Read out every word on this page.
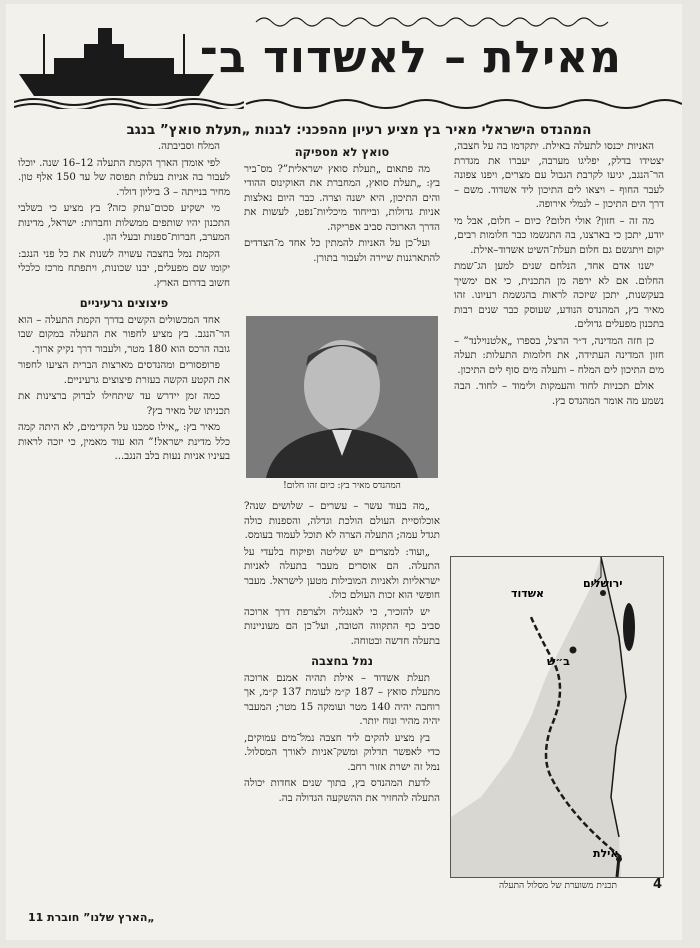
מאילת – לאשדוד ב־
המהנדס הישראלי מאיר בץ מציע רעיון מהפכני: לבנות „תעלת סואץ” בנגב

האניות יכנסו לתעלה באילת. יתקדמו בה על חצבה, יצטידו בדלק, יפליגו מערבה, יעברו את מגדרת הר־הנגב, יגיעו לקרבת הגבול עם מצרים, ויפנו צפונה לעבר החוף – ויצאו לים התיכון ליד אשדוד. משם – דרך הים התיכון – לנמלי אירופה.

מה זה – חזון? אולי חלום? כיום – חלום, אבל מי יודע, יתכן כי בארצנו, בה התגשמו כבר חלומות רבים, יקום ויתגשם גם חלום תעלת־השיט אשדוד–אילת.

ישנו אדם אחד, הנלחם שנים למען הג־שמת החלום. אם לא ירפה מן התכנית, כי אם ימשיך בעקשנות, יתכן שיזכה לראות בהגשמת רעיונו. זהו מאיר בץ, המהנדס הנודע, שעוסק כבר שנים רבות בתכנון מפעלים גדולים.

כן חזה המדינה, ד״ר הרצל, בספרו „אלטנוילנד” – חזון המדינה העתידה, את חלומות התעלות: תעלה מים התיכון לים המלח – ותעלה מים סוף לים התיכון.

אולם תכניות לחוד והעמקות ולימוד – לחוד. הבה נשמע מה אומר המהנדס בץ.

סואץ לא מספיקה

מה פתאום „תעלת סואץ ישראלית”? מס־ביר בץ: „תעלת סואץ, המחברת את האוקינוס ההודי והים התיכון, היא ישנה וצרה. כבר היום נאלצות אניות גדולות, ובייחוד מיכליות־נפט, לעשות את הדרך הארוכה סביב אפריקה.

ועל־כן על האניות להמתין כל אחד מ־הצדדים להתארגנות שיירה ולעבור בתורן.

המהנדס מאיר בץ: כיום זהו חלום!

„מה בעוד עשר – עשרים – שלושים שנה? אוכלוסיית העולם הולכת וגדלה, והספנות כולה תגדל עמה; התעלה הצרה לא תוכל לעמוד בעומס.

„ועוד: למצרים יש שליטה ופיקוח בלעדי על התעלה. הם אוסרים מעבר בתעלה לאניות ישראליות ולאניות המובילות מטען לישראל. מעבר חופשי הוא זכות העולם כולו.

יש להזכיר, כי לאנגליה ולצרפת דרך ארוכה סביב כף התקווה הטובה, ועל־כן הם מעוניינות בתעלה חדשה ובטוחה.

נמל בחצבה

תעלת אשדוד – אילת תהיה אמנם ארוכה מתעלת סואץ – 187 ק״מ לעומת 137 ק״מ, אך רוחבה יהיה 140 מטר ועומקה 15 מטר; המעבר יהיה מהיר ונוח יותר.

בץ מציע להקים ליד חצבה נמל־מים עמוקים, כדי לאפשר תדלוק ומשק־אניות לאורך המסלול. נמל זה ישרת אזור רחב.

לדעת המהנדס בץ, בתוך שנים אחדות יכולה התעלה להחזיר את ההשקעה הגדולה בה.

המלח וסביבתה.

לפי אומדן הארך הקמת התעלה 12–16 שנה. יוכלו לעבור בה אניות בעלות תפוסה של עד 150 אלף טון. מחיר בנייתה – 3 ביליון דולר.

מי ישקיע סכום־עתק כזה? בץ מציע כי בשלבי התכנון יהיו שותפים ממשלות וחברות: ישראל, מדינות המערב, חברות־ספנות ובעלי הון.

הקמת נמל בחצבה עשויה לשנות את כל פני הנגב: יקומו שם מפעלים, יבנו שכונות, ויתפתח מרכז כלכלי חשוב בדרום הארץ.

פיצוצים גרעיניים

אחד המכשולים הקשים בדרך הקמת התעלה – הוא הר־הנגב. בץ מציע לחפור את התעלה במקום שבו גובה הרכס הוא 180 מטר, ולעבור דרך נקיק ארוך.

פרופסורים ומהנדסים מארצות הברית הציעו לחפור את הקטע הקשה בעזרת פיצוצים גרעיניים.

כמה זמן יידרש עד שיתחילו לבדוק ברצינות את תכניתו של מאיר בץ?

מאיר בץ: „אילו סמכנו על הקדימים, לא היתה קמה כלל מדינת ישראל!” הוא עוד מאמין, כי יזכה לראות בעיניו אניות נעות בלב הנגב...

ירושלים
אשדוד
ב״ש
אילת
תכנית משוערת של מסלול התעלה	4
„הארץ שלנו” חוברת 11
